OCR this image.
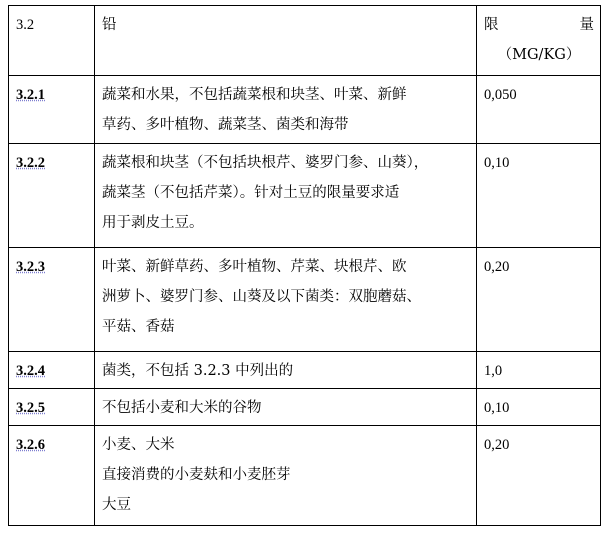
3.2	铅	限 量
（MG/KG）

3.2.1	蔬菜和水果，不包括蔬菜根和块茎、叶菜、新鲜
草药、多叶植物、蔬菜茎、菌类和海带	0,050
3.2.2	蔬菜根和块茎（不包括块根芹、婆罗门参、山葵），
蔬菜茎（不包括芹菜）。针对土豆的限量要求适
用于剥皮土豆。	0,10
3.2.3	叶菜、新鲜草药、多叶植物、芹菜、块根芹、欧
洲萝卜、婆罗门参、山葵及以下菌类：双胞蘑菇、
平菇、香菇	0,20
3.2.4	菌类，不包括 3.2.3 中列出的	1,0
3.2.5	不包括小麦和大米的谷物	0,10
3.2.6	小麦、大米
直接消费的小麦麸和小麦胚芽
大豆	0,20
